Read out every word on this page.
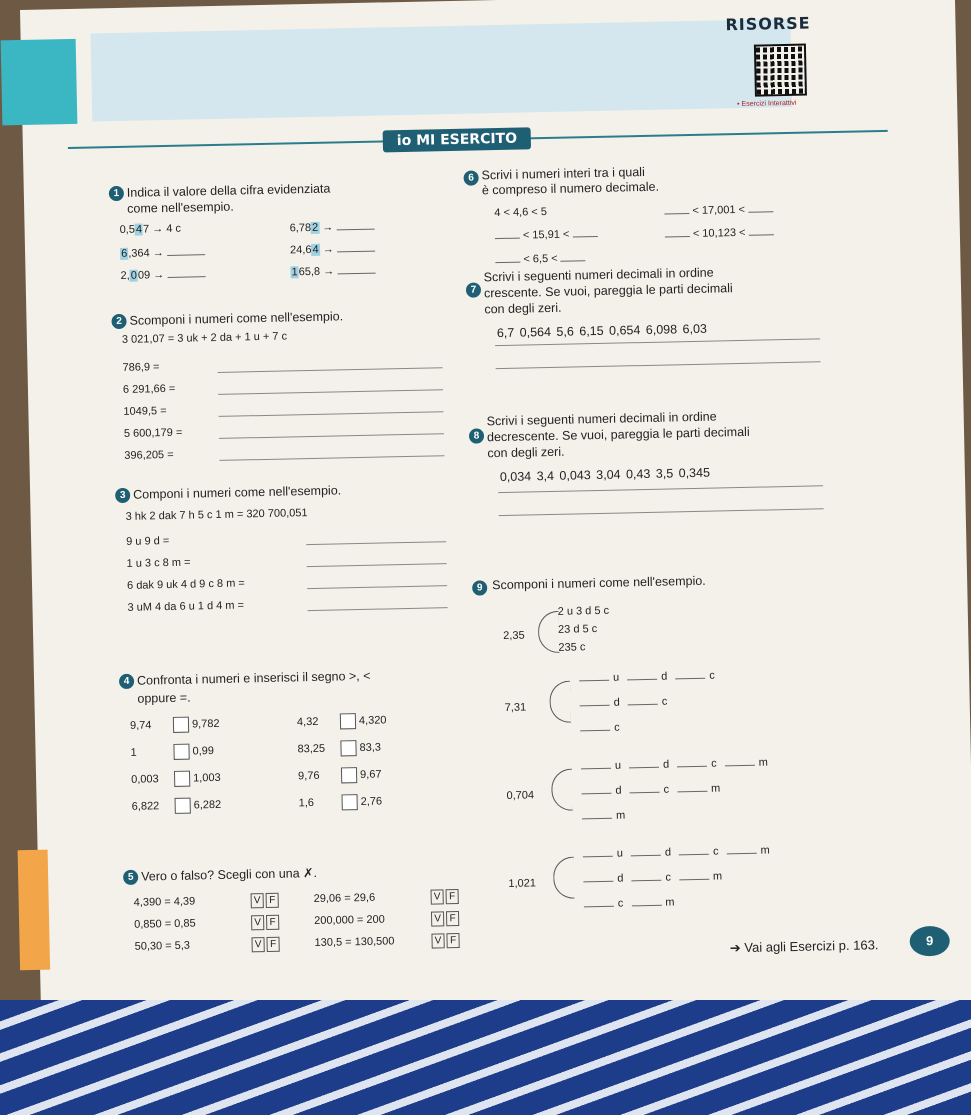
RISORSE
• Esercizi Interattivi
io MI ESERCITO
1 Indica il valore della cifra evidenziata
come nell'esempio.
0,547 → 4 c
6,364 →
2,009 →
6,782 →
24,64 →
165,8 →
2 Scomponi i numeri come nell'esempio.
3 021,07 = 3 uk + 2 da + 1 u + 7 c
786,9 =
6 291,66 =
1049,5 =
5 600,179 =
396,205 =
3 Componi i numeri come nell'esempio.
3 hk 2 dak 7 h 5 c 1 m = 320 700,051
9 u 9 d =
1 u 3 c 8 m =
6 dak 9 uk 4 d 9 c 8 m =
3 uM 4 da 6 u 1 d 4 m =
4 Confronta i numeri e inserisci il segno >, <
oppure =.
9,74	9,782	4,32	4,320
1	0,99	83,25	83,3
0,003	1,003	9,76	9,67
6,822	6,282	1,6	2,76
5 Vero o falso? Scegli con una ✗.
4,390 = 4,39	V F	29,06 = 29,6	V F
0,850 = 0,85	V F	200,000 = 200	V F
50,30 = 5,3	V F	130,5 = 130,500	V F
6 Scrivi i numeri interi tra i quali
è compreso il numero decimale.
4 < 4,6 < 5
< 15,91 <
< 6,5 <
< 17,001 <
< 10,123 <
7
Scrivi i seguenti numeri decimali in ordine
crescente. Se vuoi, pareggia le parti decimali
con degli zeri.
6,7 0,564 5,6 6,15 0,654 6,098 6,03
8
Scrivi i seguenti numeri decimali in ordine
decrescente. Se vuoi, pareggia le parti decimali
con degli zeri.
0,034 3,4 0,043 3,04 0,43 3,5 0,345
9 Scomponi i numeri come nell'esempio.
2,35
2 u 3 d 5 c
23 d 5 c
235 c
7,31
u	d	c
d	c
c
0,704
u	d	c	m
d	c	m
m
1,021
u	d	c	m
d	c	m
c	m
➔ Vai agli Esercizi p. 163.	9
